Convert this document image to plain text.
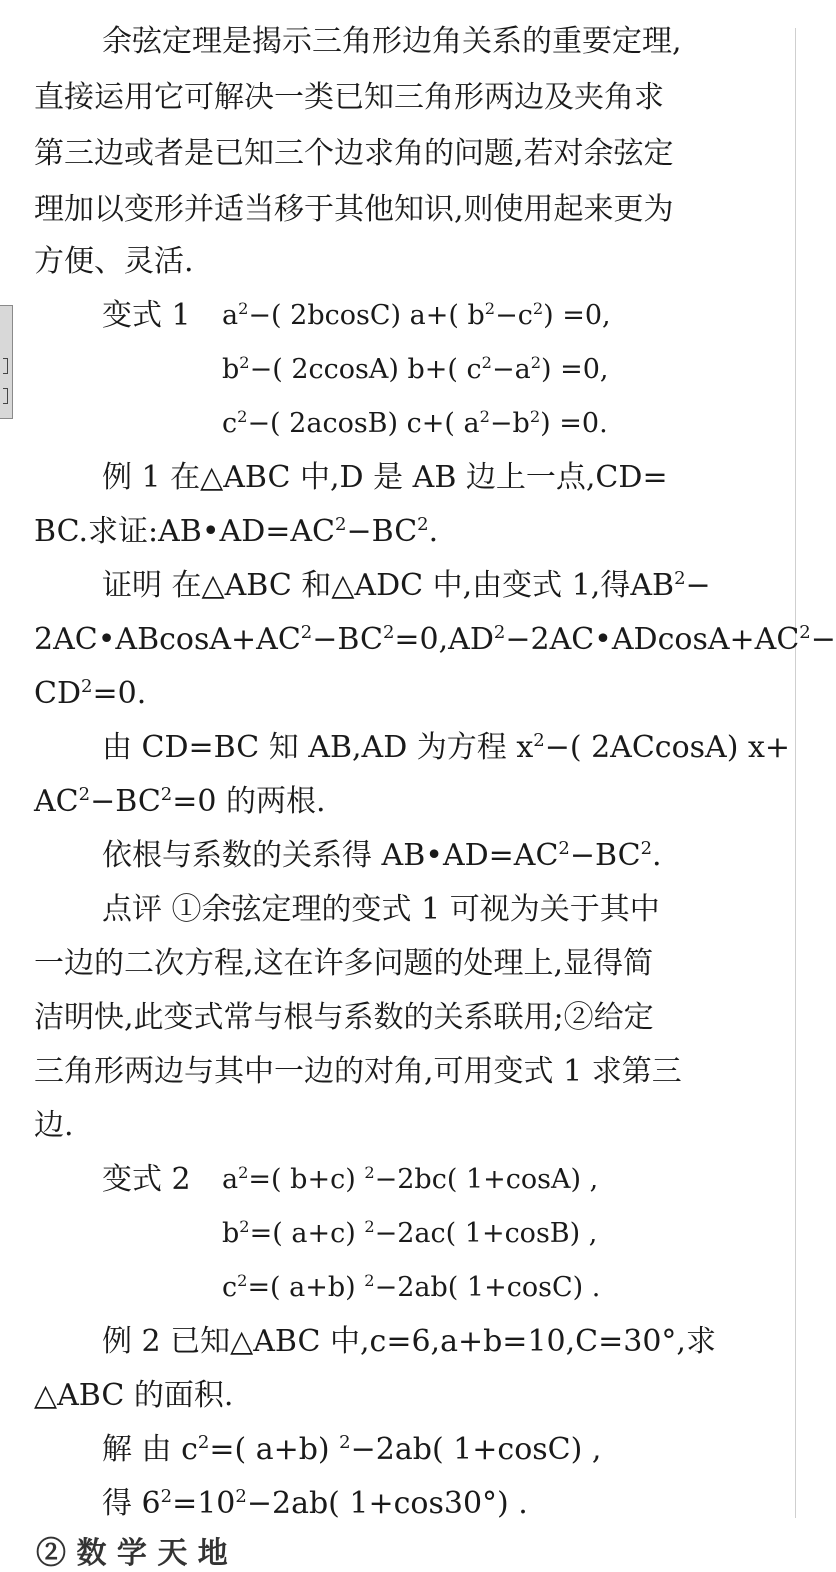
余弦定理是揭示三角形边角关系的重要定理,
直接运用它可解决一类已知三角形两边及夹角求
第三边或者是已知三个边求角的问题,若对余弦定
理加以变形并适当移于其他知识,则使用起来更为
方便、灵活.
变式 1 $a^2-$( 2bcosC) a+( $b^2-c^2) =0$,
$b^2-$( 2ccosA) b+( $c^2-a^2) =0$,
$c^2-$( 2acosB) c+( $a^2-b^2) =0$.
例 1 在△ABC 中,D 是 AB 边上一点,CD=
BC.求证$:AB•AD=AC^2-BC^2$.
证明 在△ABC 和△ADC 中,由变式 1,得$AB^2-$
$2AC•ABcosA+AC^2-BC^2=0,AD^2-2AC•ADcosA+AC^2-$
$CD^2=0$.
由 CD=BC 知 AB,AD 为方程 $x^2-$( 2ACcosA) x+
$AC^2-BC^2=0$ 的两根.
依根与系数的关系得 $AB•AD=AC^2-BC^2$.
点评 ①余弦定理的变式 1 可视为关于其中
一边的二次方程,这在许多问题的处理上,显得简
洁明快,此变式常与根与系数的关系联用;②给定
三角形两边与其中一边的对角,可用变式 1 求第三
边.
变式 2 $a^2=$( b+c) $^2$−2bc( 1+cosA) ,
$b^2=$( a+c) $^2$−2ac( 1+cosB) ,
$c^2=$( a+b) $^2$−2ab( 1+cosC) .
例 2 已知△ABC 中,c=6,a+b=10,C=30°,求
△ABC 的面积.
解 由 $c^2=$( a+b) $^2$−2ab( 1+cosC) ,
得 $6^2=10^2-2ab$( 1+cos30°) .
② 数 学 天 地
